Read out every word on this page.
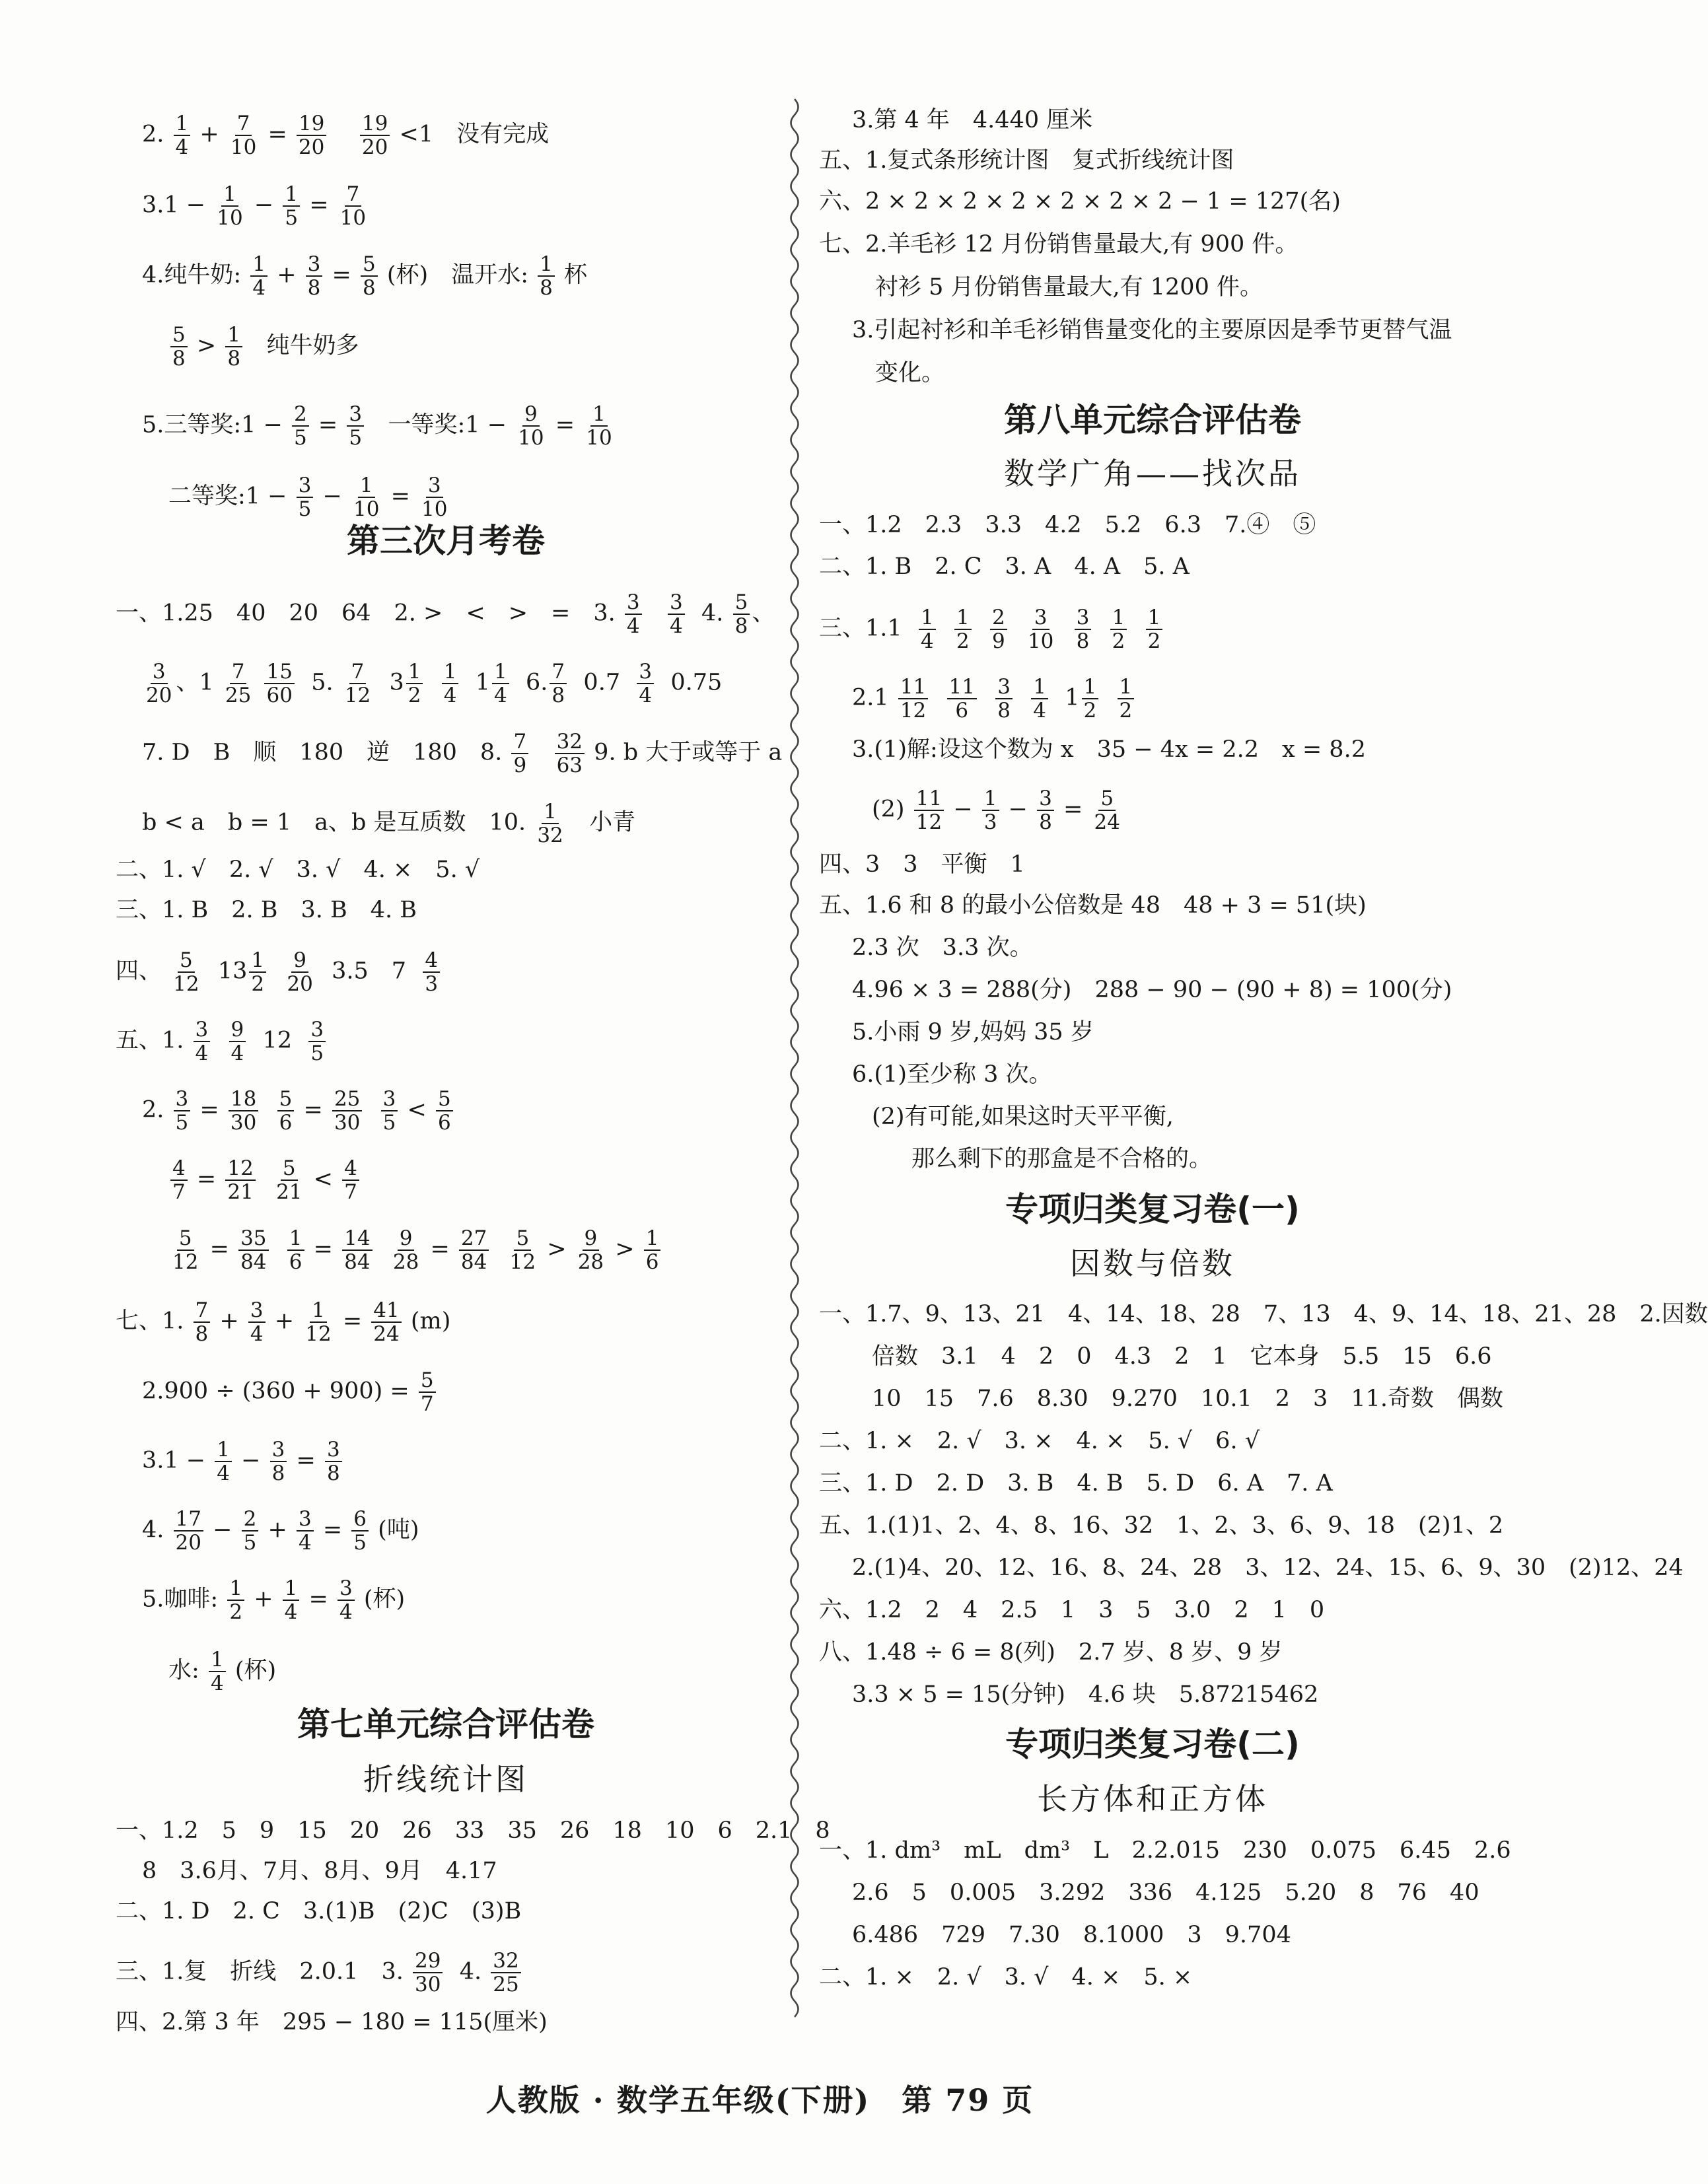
2. $\frac{1}{4} + \frac{7}{10} = \frac{19}{20}$
$\frac{19}{20} <1$　没有完成
$3.1 - \frac{1}{10} - \frac{1}{5} = \frac{7}{10}$
4.纯牛奶: $\frac{1}{4} + \frac{3}{8} = \frac{5}{8}$ (杯)　温开水: $\frac{1}{8}$ 杯
$\frac{5}{8} > \frac{1}{8}$ 纯牛奶多
5.三等奖:1 − $\frac{2}{5} = \frac{3}{5}$ 一等奖:1 − $\frac{9}{10} = \frac{1}{10}$
二等奖:1 − $\frac{3}{5} - \frac{1}{10} = \frac{3}{10}$
第三次月考卷
一、1.25　40　20　64　2. >　<　>　=　3. $\frac{3}{4}$
$\frac{3}{4} 4$. $\frac{5}{8}$ 、
$\frac{3}{20}$ 、$1 \frac{7}{25}$
$\frac{15}{60} 5$. $\frac{7}{12} 3 \frac{1}{2}$
$\frac{1}{4} 1 \frac{1}{4} 6$. $\frac{7}{8} 0.7 \frac{3}{4} 0.75$
7. D　B　顺　180　逆　180　8. $\frac{7}{9}$
$\frac{32}{63} 9$. b 大于或等于 a
b < a　b = 1　a、b 是互质数　10. $\frac{1}{32}$ 小青
二、1. √　2. √　3. √　4. ×　5. √
三、1. B　2. B　3. B　4. B
四、 $\frac{5}{12} 13 \frac{1}{2}$
$\frac{9}{20} 3.5$　$7 \frac{4}{3}$
五、1. $\frac{3}{4}$
$\frac{9}{4} 12 \frac{3}{5}$
2. $\frac{3}{5} = \frac{18}{30}$
$\frac{5}{6} = \frac{25}{30}$
$\frac{3}{5} < \frac{5}{6}$
$\frac{4}{7} = \frac{12}{21}$
$\frac{5}{21} < \frac{4}{7}$
$\frac{5}{12} = \frac{35}{84}$
$\frac{1}{6} = \frac{14}{84}$
$\frac{9}{28} = \frac{27}{84}$
$\frac{5}{12} > \frac{9}{28} > \frac{1}{6}$
七、1. $\frac{7}{8} + \frac{3}{4} + \frac{1}{12} = \frac{41}{24} (m)$
$2.900 \div (360 + 900) = \frac{5}{7}$
$3.1 - \frac{1}{4} - \frac{3}{8} = \frac{3}{8}$
4. $\frac{17}{20} - \frac{2}{5} + \frac{3}{4} = \frac{6}{5}$ (吨)
5.咖啡: $\frac{1}{2} + \frac{1}{4} = \frac{3}{4}$ (杯)
水: $\frac{1}{4}$ (杯)
第七单元综合评估卷
折线统计图
一、1.2　5　9　15　20　26　33　35　26　18　10　6　2.1　8
8　3.6月、7月、8月、9月　4.17
二、1. D　2. C　3.(1)B　(2)C　(3)B
三、1.复　折线　2.0.1　3. $\frac{29}{30} 4$. $\frac{32}{25}$
四、2.第 3 年　295 − 180 = 115(厘米)
3.第 4 年　4.440 厘米
五、1.复式条形统计图　复式折线统计图
六、2 × 2 × 2 × 2 × 2 × 2 × 2 − 1 = 127(名)
七、2.羊毛衫 12 月份销售量最大,有 900 件。
衬衫 5 月份销售量最大,有 1200 件。
3.引起衬衫和羊毛衫销售量变化的主要原因是季节更替气温
变化。
第八单元综合评估卷
数学广角——找次品
一、1.2　2.3　3.3　4.2　5.2　6.3　7.④　⑤
二、1. B　2. C　3. A　4. A　5. A
三、$1.1 \frac{1}{4}$
$\frac{1}{2}$
$\frac{2}{9}$
$\frac{3}{10}$
$\frac{3}{8}$
$\frac{1}{2}$
$\frac{1}{2}$
$2.1 \frac{11}{12}$
$\frac{11}{6}$
$\frac{3}{8}$
$\frac{1}{4} 1 \frac{1}{2}$
$\frac{1}{2}$
3.(1)解:设这个数为 x　35 − 4x = 2.2　x = 8.2
$(2) \frac{11}{12} - \frac{1}{3} - \frac{3}{8} = \frac{5}{24}$
四、3　3　平衡　1
五、1.6 和 8 的最小公倍数是 48　48 + 3 = 51(块)
2.3 次　3.3 次。
4.96 × 3 = 288(分)　288 − 90 − (90 + 8) = 100(分)
5.小雨 9 岁,妈妈 35 岁
6.(1)至少称 3 次。
(2)有可能,如果这时天平平衡,
那么剩下的那盒是不合格的。
专项归类复习卷(一)
因数与倍数
一、1.7、9、13、21　4、14、18、28　7、13　4、9、14、18、21、28　2.因数
倍数　3.1　4　2　0　4.3　2　1　它本身　5.5　15　6.6
10　15　7.6　8.30　9.270　10.1　2　3　11.奇数　偶数
二、1. ×　2. √　3. ×　4. ×　5. √　6. √
三、1. D　2. D　3. B　4. B　5. D　6. A　7. A
五、1.(1)1、2、4、8、16、32　1、2、3、6、9、18　(2)1、2
2.(1)4、20、12、16、8、24、28　3、12、24、15、6、9、30　(2)12、24
六、1.2　2　4　2.5　1　3　5　3.0　2　1　0
八、1.48 ÷ 6 = 8(列)　2.7 岁、8 岁、9 岁
3.3 × 5 = 15(分钟)　4.6 块　5.87215462
专项归类复习卷(二)
长方体和正方体
一、1. dm³　mL　dm³　L　2.2.015　230　0.075　6.45　2.6
2.6　5　0.005　3.292　336　4.125　5.20　8　76　40
6.486　729　7.30　8.1000　3　9.704
二、1. ×　2. √　3. √　4. ×　5. ×
人教版 · 数学五年级(下册) 第 79 页
